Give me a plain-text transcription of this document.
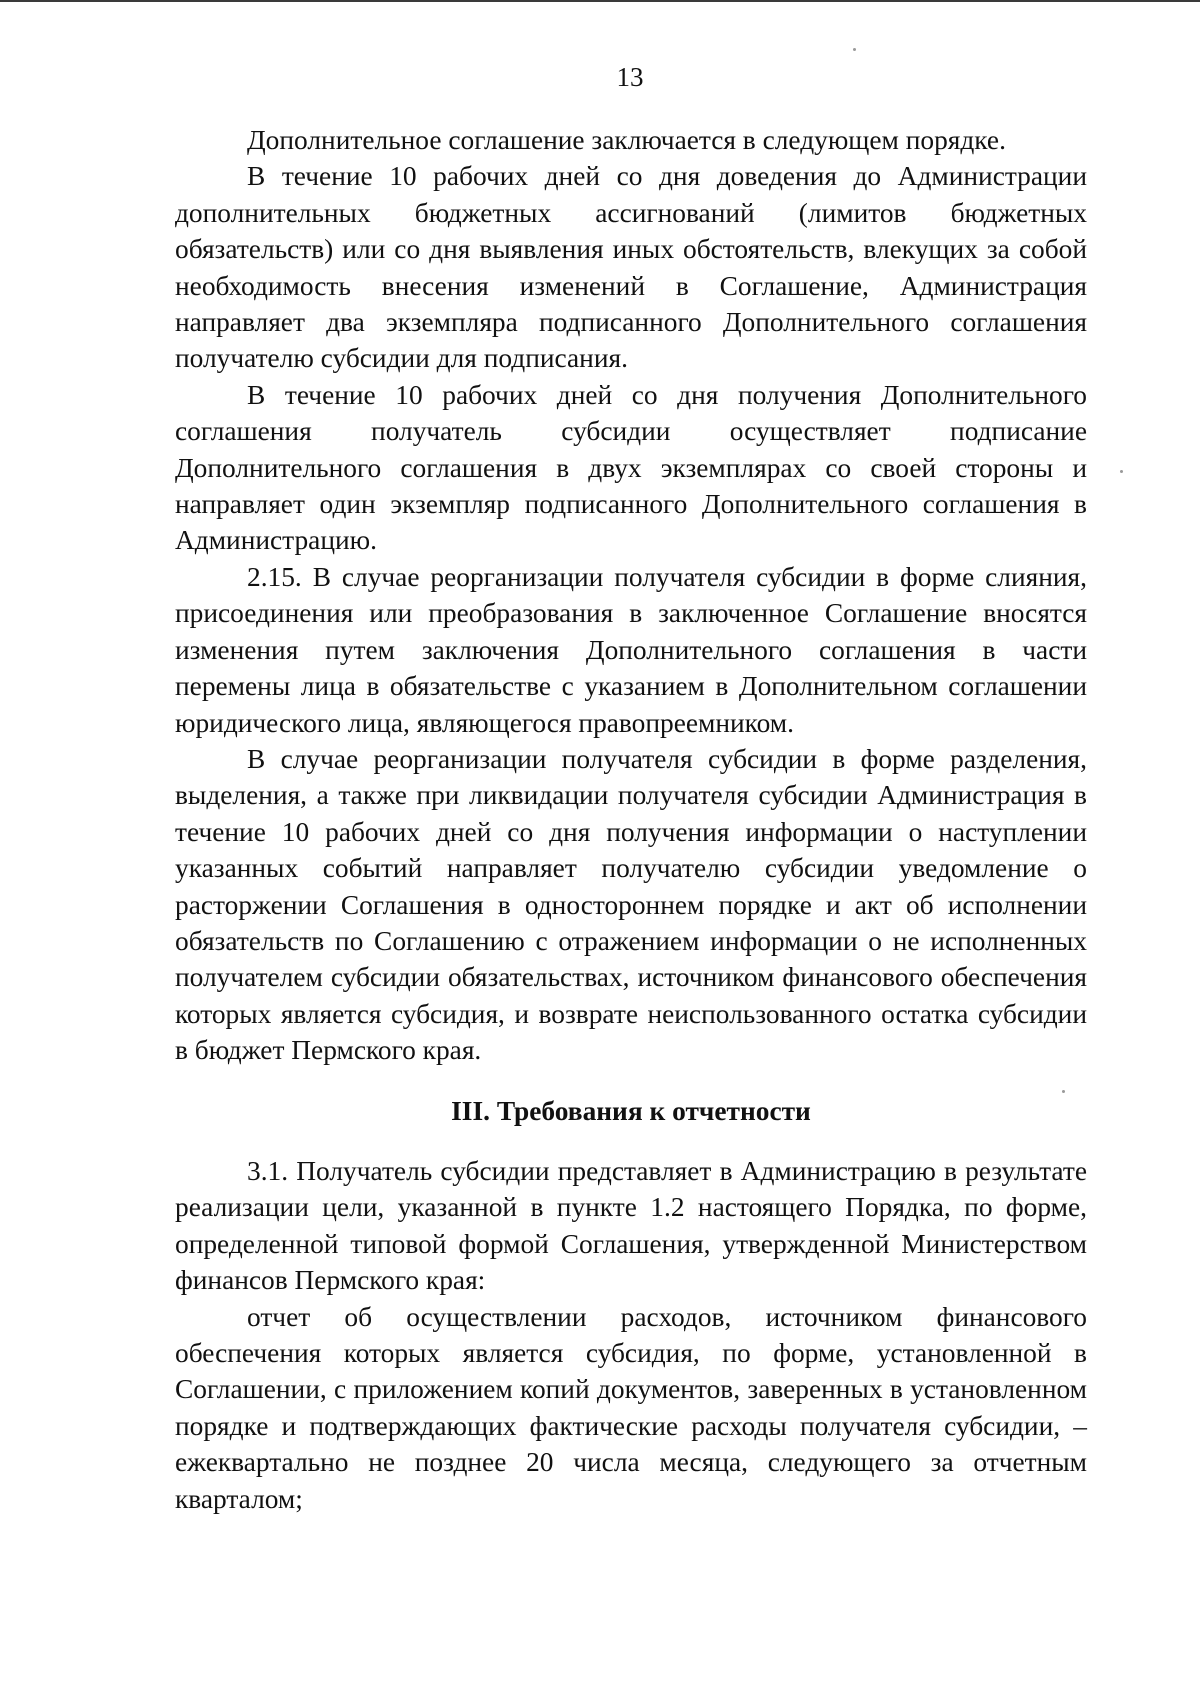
13

Дополнительное соглашение заключается в следующем порядке.

В течение 10 рабочих дней со дня доведения до Администрации дополнительных бюджетных ассигнований (лимитов бюджетных обязательств) или со дня выявления иных обстоятельств, влекущих за собой необходимость внесения изменений в Соглашение, Администрация направляет два экземпляра подписанного Дополнительного соглашения получателю субсидии для подписания.

В течение 10 рабочих дней со дня получения Дополнительного соглашения получатель субсидии осуществляет подписание Дополнительного соглашения в двух экземплярах со своей стороны и направляет один экземпляр подписанного Дополнительного соглашения в Администрацию.

2.15. В случае реорганизации получателя субсидии в форме слияния, присоединения или преобразования в заключенное Соглашение вносятся изменения путем заключения Дополнительного соглашения в части перемены лица в обязательстве с указанием в Дополнительном соглашении юридического лица, являющегося правопреемником.

В случае реорганизации получателя субсидии в форме разделения, выделения, а также при ликвидации получателя субсидии Администрация в течение 10 рабочих дней со дня получения информации о наступлении указанных событий направляет получателю субсидии уведомление о расторжении Соглашения в одностороннем порядке и акт об исполнении обязательств по Соглашению с отражением информации о не исполненных получателем субсидии обязательствах, источником финансового обеспечения которых является субсидия, и возврате неиспользованного остатка субсидии в бюджет Пермского края.

III. Требования к отчетности

3.1. Получатель субсидии представляет в Администрацию в результате реализации цели, указанной в пункте 1.2 настоящего Порядка, по форме, определенной типовой формой Соглашения, утвержденной Министерством финансов Пермского края:

отчет об осуществлении расходов, источником финансового обеспечения которых является субсидия, по форме, установленной в Соглашении, с приложением копий документов, заверенных в установленном порядке и подтверждающих фактические расходы получателя субсидии, – ежеквартально не позднее 20 числа месяца, следующего за отчетным кварталом;
